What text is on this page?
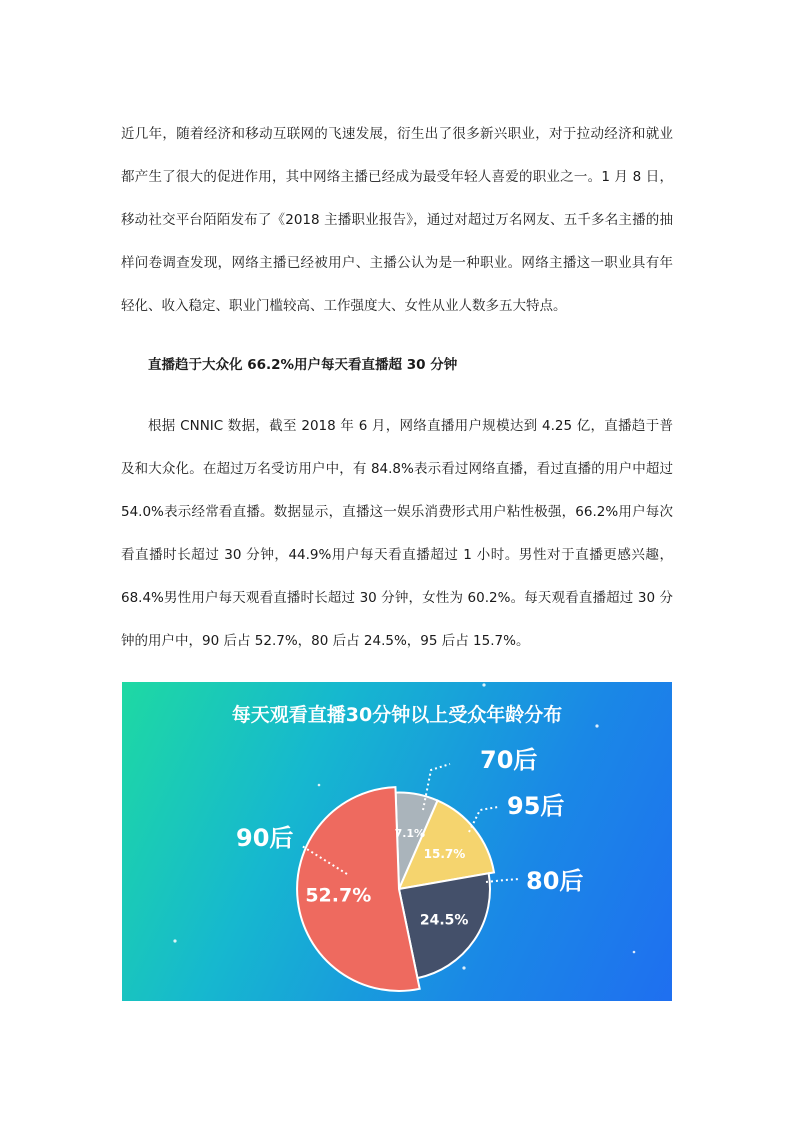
近几年，随着经济和移动互联网的飞速发展，衍生出了很多新兴职业，对于拉动经济和就业都产生了很大的促进作用，其中网络主播已经成为最受年轻人喜爱的职业之一。1 月 8 日，移动社交平台陌陌发布了《2018 主播职业报告》，通过对超过万名网友、五千多名主播的抽样问卷调查发现，网络主播已经被用户、主播公认为是一种职业。网络主播这一职业具有年轻化、收入稳定、职业门槛较高、工作强度大、女性从业人数多五大特点。

直播趋于大众化 66.2%用户每天看直播超 30 分钟

根据 CNNIC 数据，截至 2018 年 6 月，网络直播用户规模达到 4.25 亿，直播趋于普及和大众化。在超过万名受访用户中，有 84.8%表示看过网络直播，看过直播的用户中超过 54.0%表示经常看直播。数据显示，直播这一娱乐消费形式用户粘性极强，66.2%用户每次看直播时长超过 30 分钟，44.9%用户每天看直播超过 1 小时。男性对于直播更感兴趣，68.4%男性用户每天观看直播时长超过 30 分钟，女性为 60.2%。每天观看直播超过 30 分钟的用户中，90 后占 52.7%，80 后占 24.5%，95 后占 15.7%。

每天观看直播30分钟以上受众年龄分布
7.1%
15.7%
24.5%
52.7%
70后
95后
80后
90后
